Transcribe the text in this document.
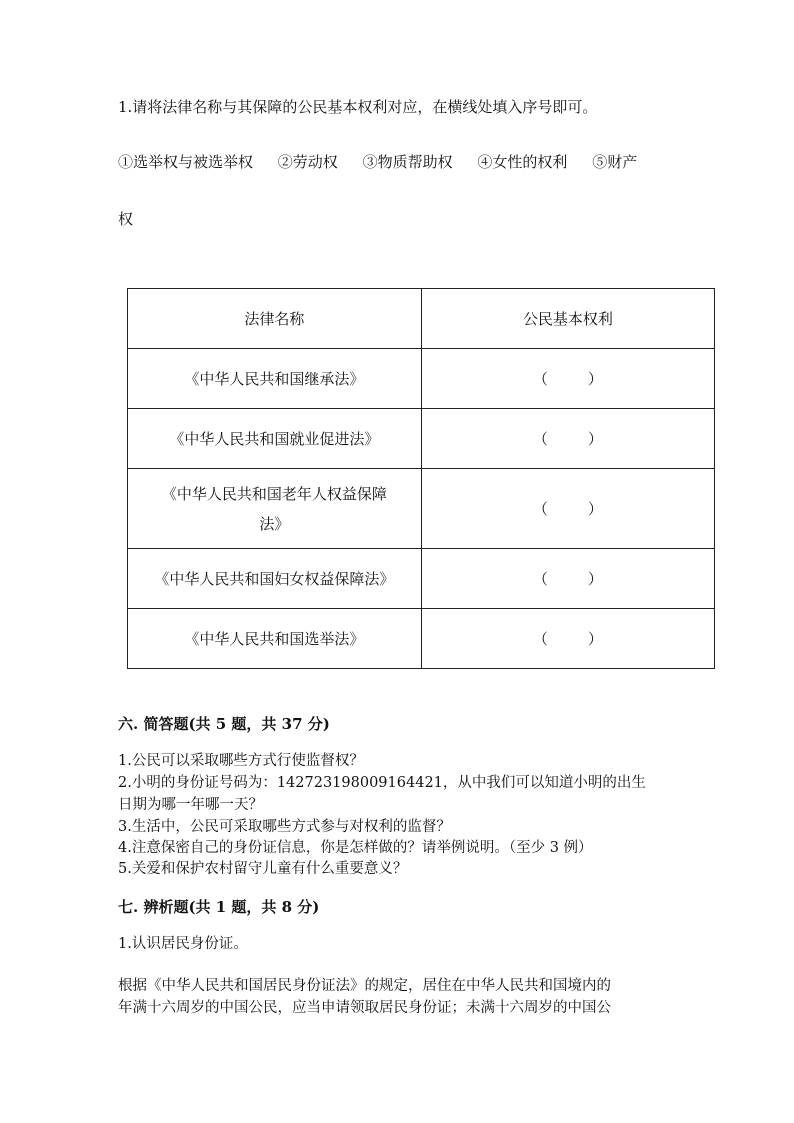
1.请将法律名称与其保障的公民基本权利对应，在横线处填入序号即可。
①选举权与被选举权 ②劳动权 ③物质帮助权 ④女性的权利 ⑤财产
权
法律名称	公民基本权利
《中华人民共和国继承法》	（　　）
《中华人民共和国就业促进法》	（　　）
《中华人民共和国老年人权益保障
法》	（　　）
《中华人民共和国妇女权益保障法》	（　　）
《中华人民共和国选举法》	（　　）
六. 简答题(共 5 题，共 37 分)
1.公民可以采取哪些方式行使监督权？
2.小明的身份证号码为：142723198009164421，从中我们可以知道小明的出生
日期为哪一年哪一天？
3.生活中，公民可采取哪些方式参与对权利的监督？
4.注意保密自己的身份证信息，你是怎样做的？请举例说明。（至少 3 例）
5.关爱和保护农村留守儿童有什么重要意义？
七. 辨析题(共 1 题，共 8 分)
1.认识居民身份证。
根据《中华人民共和国居民身份证法》的规定，居住在中华人民共和国境内的
年满十六周岁的中国公民，应当申请领取居民身份证；未满十六周岁的中国公
